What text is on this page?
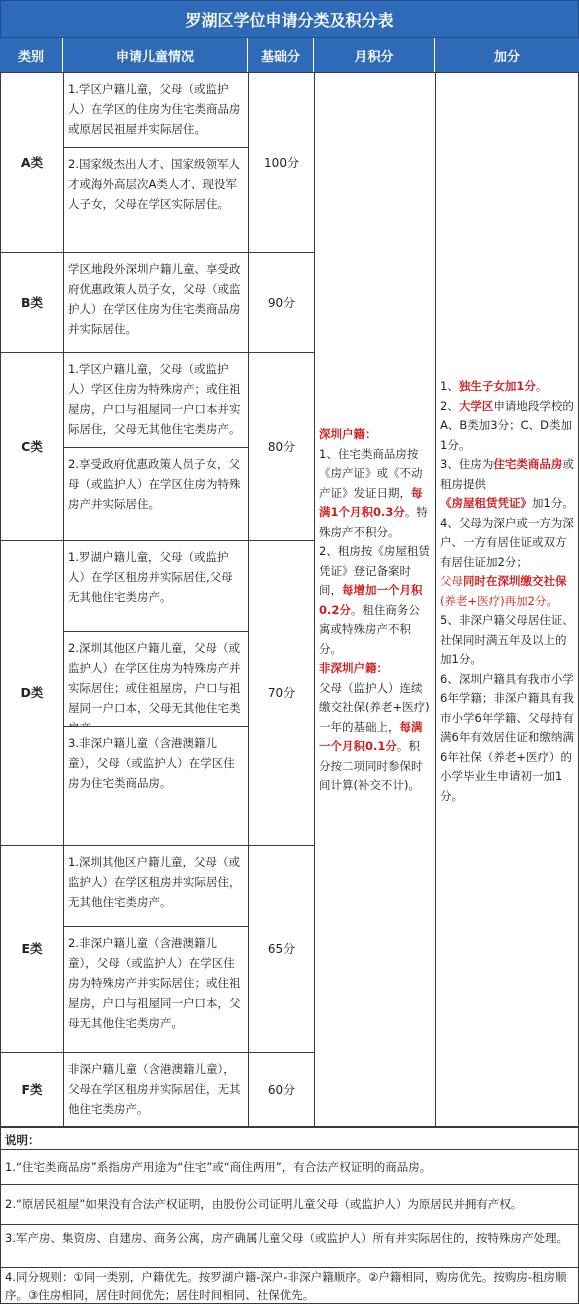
罗湖区学位申请分类及积分表
类别	申请儿童情况	基础分	月积分	加分
A类
1.学区户籍儿童，父母（或监护人）在学区的住房为住宅类商品房或原居民祖屋并实际居住。
2.国家级杰出人才、国家级领军人才或海外高层次A类人才、现役军人子女，父母在学区实际居住。
100分
B类
学区地段外深圳户籍儿童、享受政府优惠政策人员子女，父母（或监护人）在学区住房为住宅类商品房并实际居住。
90分
C类
1.学区户籍儿童，父母（或监护人）学区住房为特殊房产；或住祖屋房，户口与祖屋同一户口本并实际居住，父母无其他住宅类房产。
2.享受政府优惠政策人员子女，父母（或监护人）在学区住房为特殊房产并实际居住。
80分
D类
1.罗湖户籍儿童，父母（或监护人）在学区租房并实际居住,父母无其他住宅类房产。
2.深圳其他区户籍儿童，父母（或监护人）在学区住房为特殊房产并实际居住；或住祖屋房，户口与祖屋同一户口本，父母无其他住宅类
3.非深户籍儿童（含港澳籍儿童），父母（或监护人）在学区住房为住宅类商品房。
70分
E类
1.深圳其他区户籍儿童，父母（或监护人）在学区租房并实际居住，无其他住宅类房产。
2.非深户籍儿童（含港澳籍儿童），父母（或监护人）在学区住房为特殊房产并实际居住；或住祖屋房，户口与祖屋同一户口本，父母无其他住宅类房产。
65分
F类
非深户籍儿童（含港澳籍儿童），父母在学区租房并实际居住，无其他住宅类房产。
60分
深圳户籍：
1、住宅类商品房按《房产证》或《不动产证》发证日期，每满1个月积0.3分。特殊房产不积分。
2、租房按《房屋租赁凭证》登记备案时间，每增加一个月积0.2分。租住商务公寓或特殊房产不积分。
非深圳户籍：
父母（监护人）连续缴交社保(养老+医疗)一年的基础上，每满一个月积0.1分。积分按二项同时参保时间计算(补交不计)。
1、独生子女加1分。
2、大学区申请地段学校的A、B类加3分；C、D类加1分。
3、住房为住宅类商品房或租房提供《房屋租赁凭证》加1分。
4、父母为深户或一方为深户、一方有居住证或双方有居住证加2分；
父母同时在深圳缴交社保(养老+医疗)再加2分。
5、非深户籍父母居住证、社保同时满五年及以上的加1分。
6、深圳户籍具有我市小学6年学籍；非深户籍具有我市小学6年学籍、父母持有满6年有效居住证和缴纳满6年社保（养老+医疗）的小学毕业生申请初一加1分。
说明：
1.“住宅类商品房”系指房产用途为“住宅”或“商住两用”，有合法产权证明的商品房。
2.“原居民祖屋”如果没有合法产权证明，由股份公司证明儿童父母（或监护人）为原居民并拥有产权。
3.军产房、集资房、自建房、商务公寓，房产确属儿童父母（或监护人）所有并实际居住的，按特殊房产处理。
4.同分规则：①同一类别，户籍优先。按罗湖户籍-深户-非深户籍顺序。②户籍相同，购房优先。按购房-租房顺序。③住房相同，居住时间优先；居住时间相同、社保优先。
